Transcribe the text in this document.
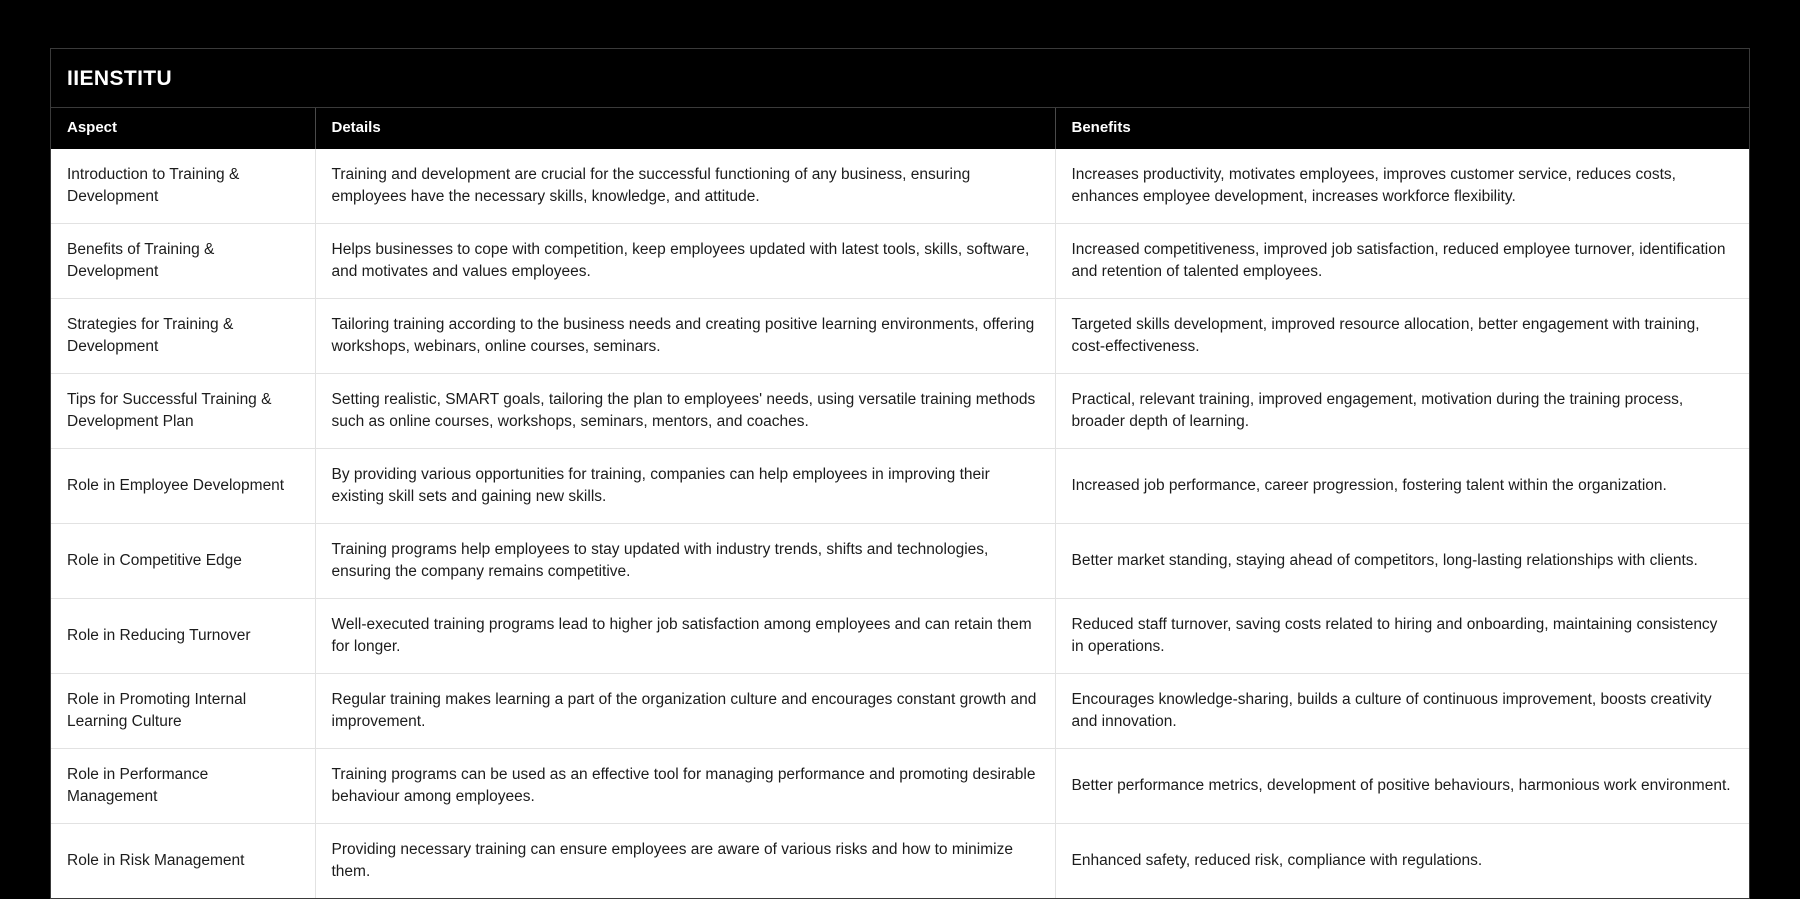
IIENSTITU
Aspect	Details	Benefits
Introduction to Training & Development	Training and development are crucial for the successful functioning of any business, ensuring employees have the necessary skills, knowledge, and attitude.	Increases productivity, motivates employees, improves customer service, reduces costs, enhances employee development, increases workforce flexibility.
Benefits of Training & Development	Helps businesses to cope with competition, keep employees updated with latest tools, skills, software, and motivates and values employees.	Increased competitiveness, improved job satisfaction, reduced employee turnover, identification and retention of talented employees.
Strategies for Training & Development	Tailoring training according to the business needs and creating positive learning environments, offering workshops, webinars, online courses, seminars.	Targeted skills development, improved resource allocation, better engagement with training, cost-effectiveness.
Tips for Successful Training & Development Plan	Setting realistic, SMART goals, tailoring the plan to employees' needs, using versatile training methods such as online courses, workshops, seminars, mentors, and coaches.	Practical, relevant training, improved engagement, motivation during the training process, broader depth of learning.
Role in Employee Development	By providing various opportunities for training, companies can help employees in improving their existing skill sets and gaining new skills.	Increased job performance, career progression, fostering talent within the organization.
Role in Competitive Edge	Training programs help employees to stay updated with industry trends, shifts and technologies, ensuring the company remains competitive.	Better market standing, staying ahead of competitors, long-lasting relationships with clients.
Role in Reducing Turnover	Well-executed training programs lead to higher job satisfaction among employees and can retain them for longer.	Reduced staff turnover, saving costs related to hiring and onboarding, maintaining consistency in operations.
Role in Promoting Internal Learning Culture	Regular training makes learning a part of the organization culture and encourages constant growth and improvement.	Encourages knowledge-sharing, builds a culture of continuous improvement, boosts creativity and innovation.
Role in Performance Management	Training programs can be used as an effective tool for managing performance and promoting desirable behaviour among employees.	Better performance metrics, development of positive behaviours, harmonious work environment.
Role in Risk Management	Providing necessary training can ensure employees are aware of various risks and how to minimize them.	Enhanced safety, reduced risk, compliance with regulations.
